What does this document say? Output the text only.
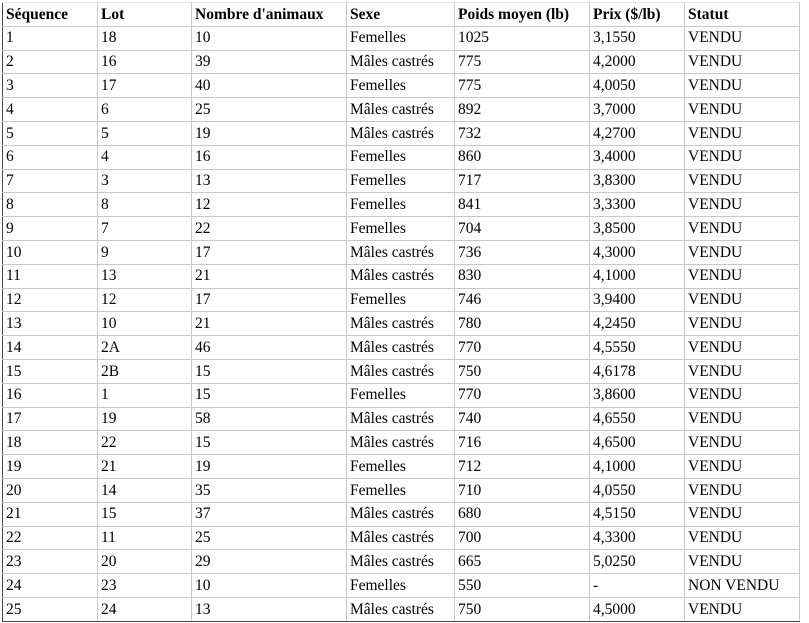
Séquence	Lot	Nombre d'animaux	Sexe	Poids moyen (lb)	Prix ($/lb)	Statut
1	18	10	Femelles	1025	3,1550	VENDU
2	16	39	Mâles castrés	775	4,2000	VENDU
3	17	40	Femelles	775	4,0050	VENDU
4	6	25	Mâles castrés	892	3,7000	VENDU
5	5	19	Mâles castrés	732	4,2700	VENDU
6	4	16	Femelles	860	3,4000	VENDU
7	3	13	Femelles	717	3,8300	VENDU
8	8	12	Femelles	841	3,3300	VENDU
9	7	22	Femelles	704	3,8500	VENDU
10	9	17	Mâles castrés	736	4,3000	VENDU
11	13	21	Mâles castrés	830	4,1000	VENDU
12	12	17	Femelles	746	3,9400	VENDU
13	10	21	Mâles castrés	780	4,2450	VENDU
14	2A	46	Mâles castrés	770	4,5550	VENDU
15	2B	15	Mâles castrés	750	4,6178	VENDU
16	1	15	Femelles	770	3,8600	VENDU
17	19	58	Mâles castrés	740	4,6550	VENDU
18	22	15	Mâles castrés	716	4,6500	VENDU
19	21	19	Femelles	712	4,1000	VENDU
20	14	35	Femelles	710	4,0550	VENDU
21	15	37	Mâles castrés	680	4,5150	VENDU
22	11	25	Mâles castrés	700	4,3300	VENDU
23	20	29	Mâles castrés	665	5,0250	VENDU
24	23	10	Femelles	550	-	NON VENDU
25	24	13	Mâles castrés	750	4,5000	VENDU
